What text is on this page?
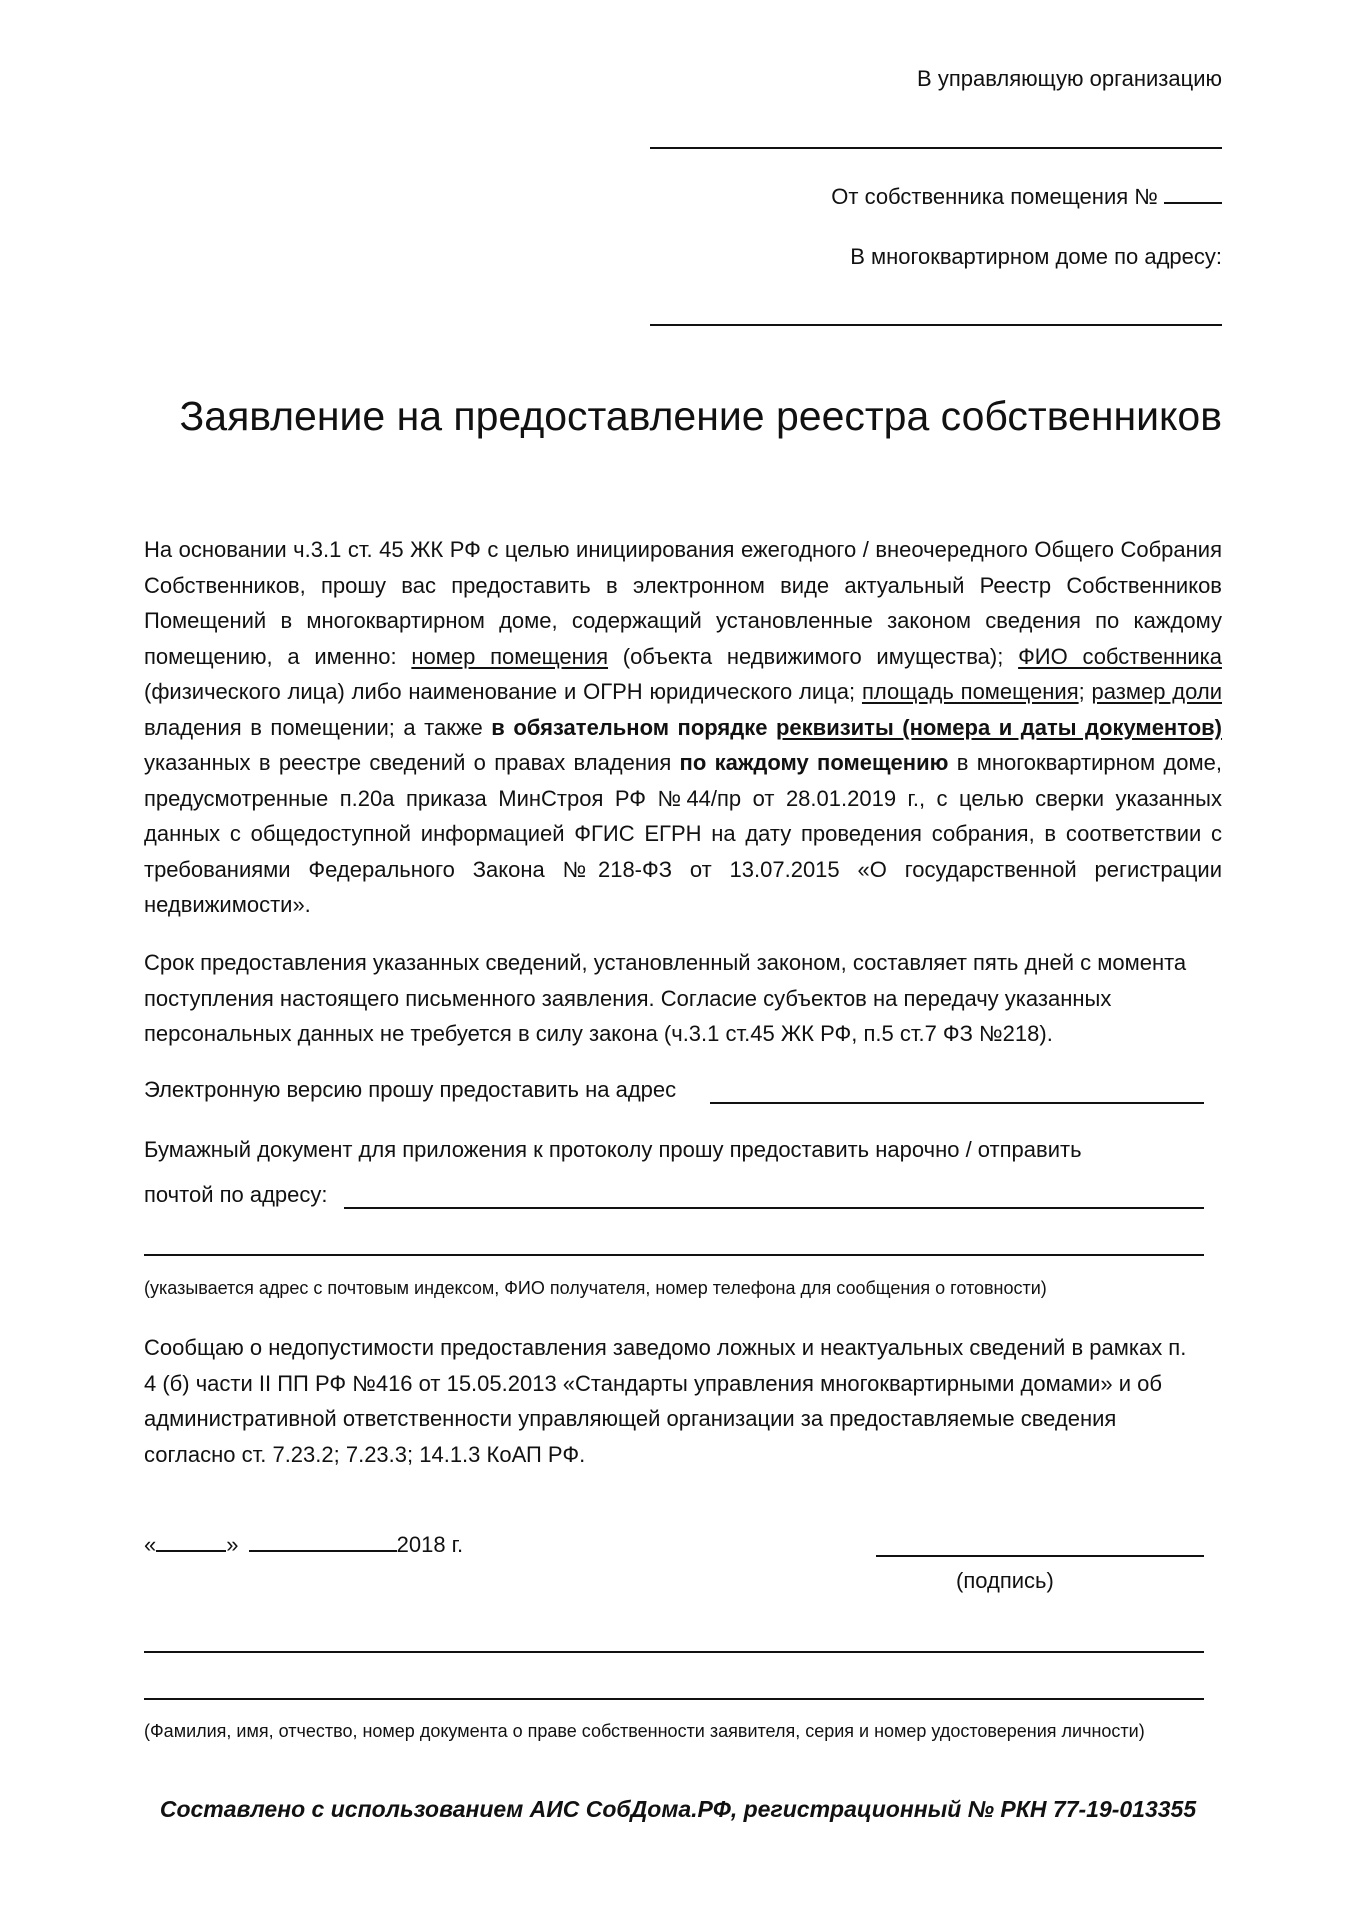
В управляющую организацию
От собственника помещения №
В многоквартирном доме по адресу:
Заявление на предоставление реестра собственников
На основании ч.3.1 ст. 45 ЖК РФ с целью инициирования ежегодного / внеочередного Общего Собрания Собственников, прошу вас предоставить в электронном виде актуальный Реестр Собственников Помещений в многоквартирном доме, содержащий установленные законом сведения по каждому помещению, а именно: номер помещения (объекта недвижимого имущества); ФИО собственника (физического лица) либо наименование и ОГРН юридического лица; площадь помещения; размер доли владения в помещении; а также в обязательном порядке реквизиты (номера и даты документов) указанных в реестре сведений о правах владения по каждому помещению в многоквартирном доме, предусмотренные п.20а приказа МинСтроя РФ №44/пр от 28.01.2019 г., с целью сверки указанных данных с общедоступной информацией ФГИС ЕГРН на дату проведения собрания, в соответствии с требованиями Федерального Закона №218-ФЗ от 13.07.2015 «О государственной регистрации недвижимости».
Срок предоставления указанных сведений, установленный законом, составляет пять дней с момента поступления настоящего письменного заявления. Согласие субъектов на передачу указанных персональных данных не требуется в силу закона (ч.3.1 ст.45 ЖК РФ, п.5 ст.7 ФЗ №218).
Электронную версию прошу предоставить на адрес
Бумажный документ для приложения к протоколу прошу предоставить нарочно / отправить
почтой по адресу:
(указывается адрес с почтовым индексом, ФИО получателя, номер телефона для сообщения о готовности)
Сообщаю о недопустимости предоставления заведомо ложных и неактуальных сведений в рамках п. 4 (б) части II ПП РФ №416 от 15.05.2013 «Стандарты управления многоквартирными домами» и об административной ответственности управляющей организации за предоставляемые сведения согласно ст. 7.23.2; 7.23.3; 14.1.3 КоАП РФ.
«	»	2018 г.
(подпись)
(Фамилия, имя, отчество, номер документа о праве собственности заявителя, серия и номер удостоверения личности)
Составлено с использованием АИС СобДома.РФ, регистрационный № РКН 77-19-013355
